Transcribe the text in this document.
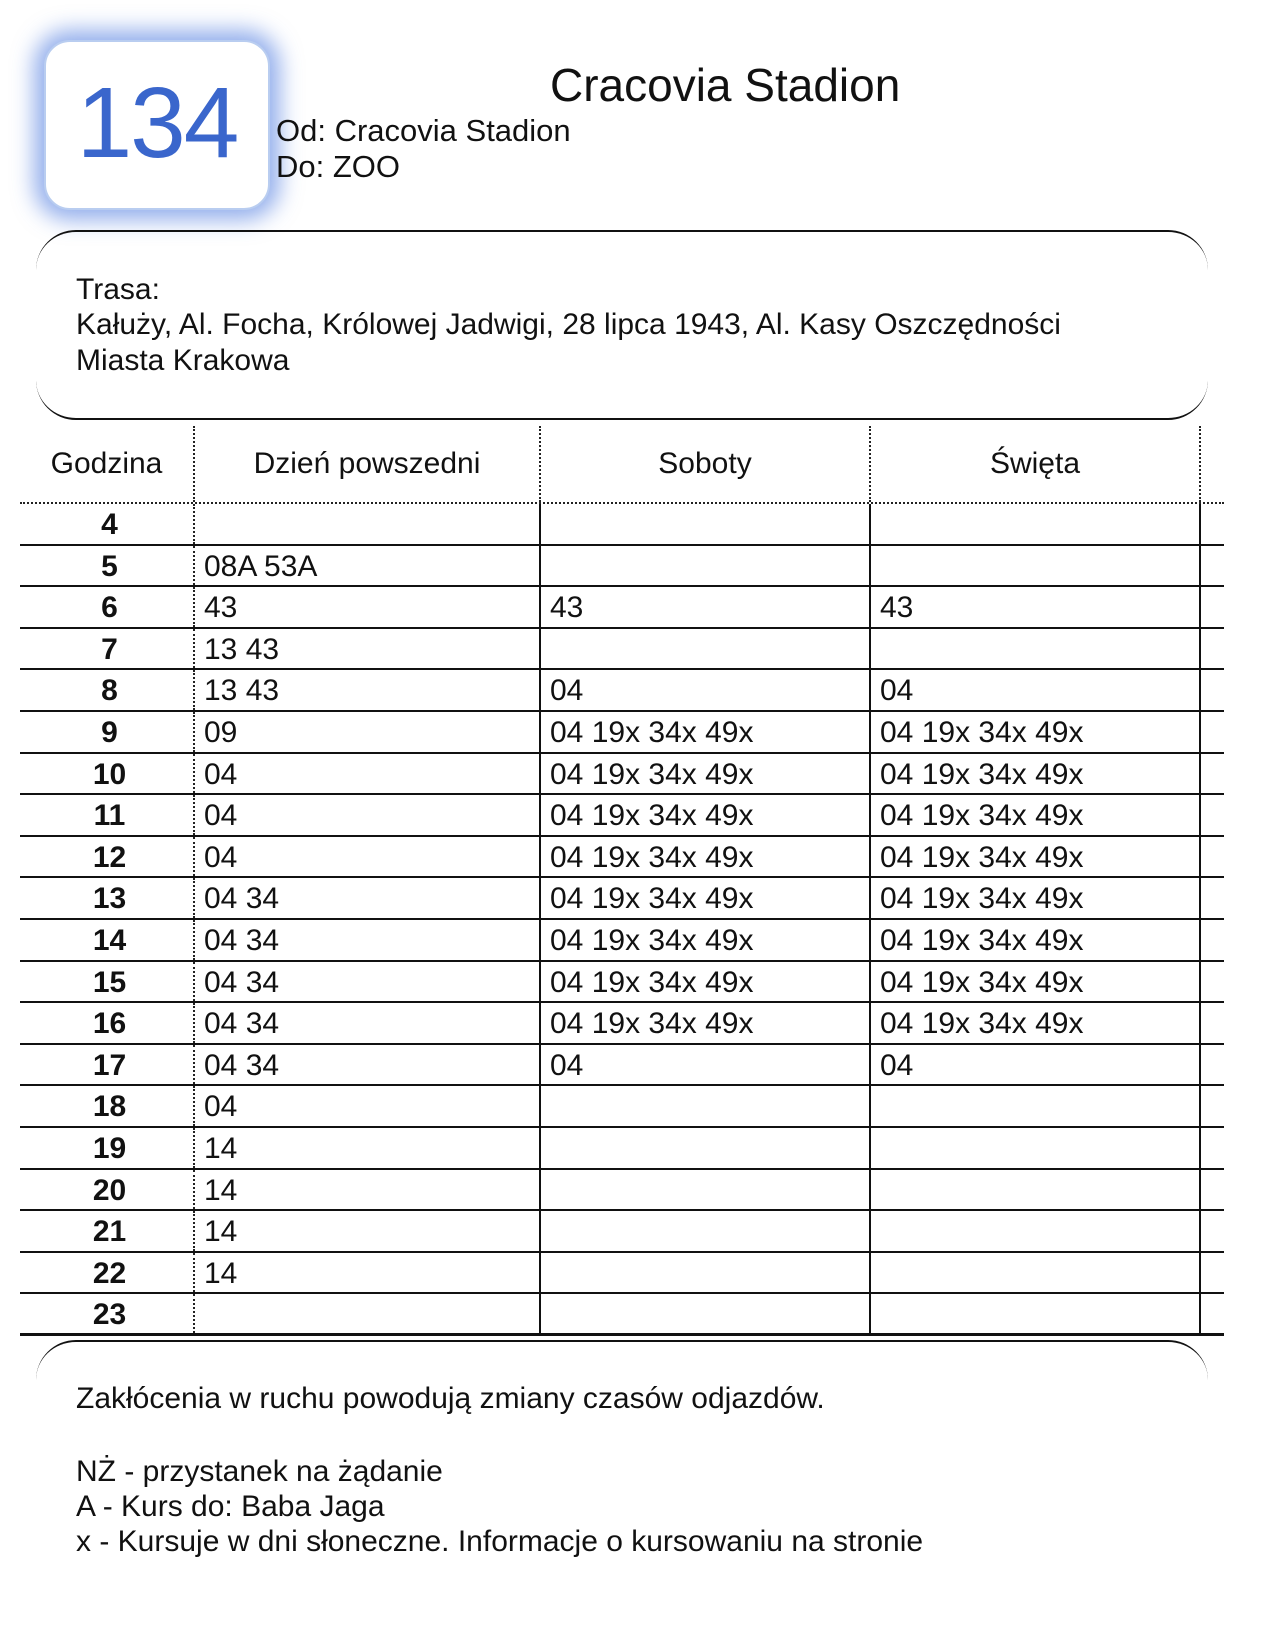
134	Cracovia Stadion
Od: Cracovia Stadion
Do: ZOO
Trasa:
Kałuży, Al. Focha, Królowej Jadwigi, 28 lipca 1943, Al. Kasy Oszczędności
Miasta Krakowa
Godzina	Dzień powszedni	Soboty	Święta
4
5	08A 53A
6	43	43	43
7	13 43
8	13 43	04	04
9	09	04 19x 34x 49x	04 19x 34x 49x
10	04	04 19x 34x 49x	04 19x 34x 49x
11	04	04 19x 34x 49x	04 19x 34x 49x
12	04	04 19x 34x 49x	04 19x 34x 49x
13	04 34	04 19x 34x 49x	04 19x 34x 49x
14	04 34	04 19x 34x 49x	04 19x 34x 49x
15	04 34	04 19x 34x 49x	04 19x 34x 49x
16	04 34	04 19x 34x 49x	04 19x 34x 49x
17	04 34	04	04
18	04
19	14
20	14
21	14
22	14
23
Zakłócenia w ruchu powodują zmiany czasów odjazdów.
NŻ - przystanek na żądanie
A - Kurs do: Baba Jaga
x - Kursuje w dni słoneczne. Informacje o kursowaniu na stronie
